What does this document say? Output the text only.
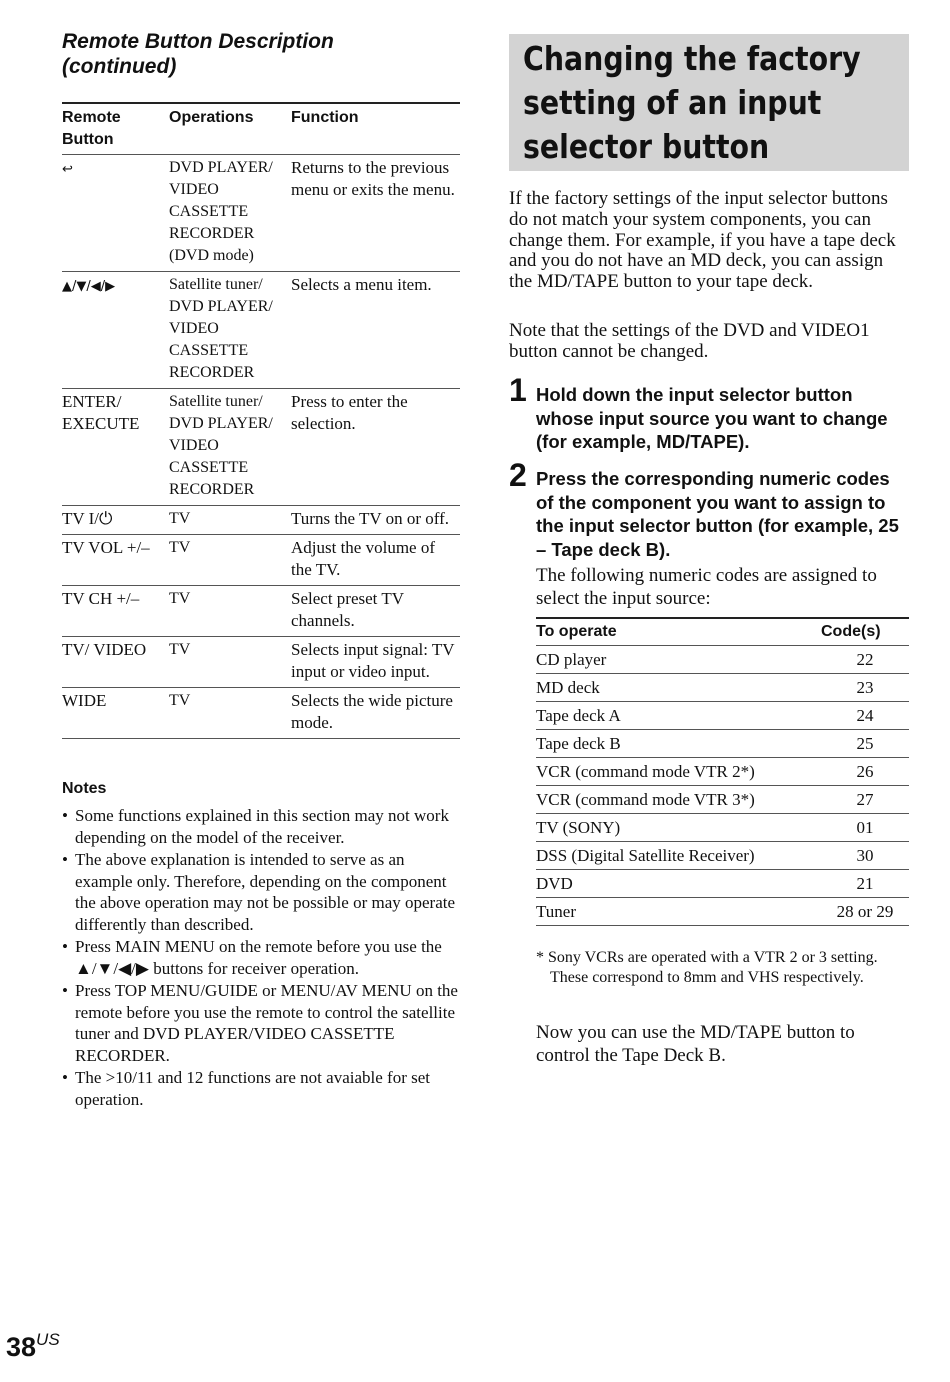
Remote Button Description
(continued)
Remote Button	Operations	Function
↩	DVD PLAYER/ VIDEO CASSETTE RECORDER (DVD mode)	Returns to the previous menu or exits the menu.
▲/▼/◀/▶	Satellite tuner/ DVD PLAYER/ VIDEO CASSETTE RECORDER	Selects a menu item.
ENTER/ EXECUTE	Satellite tuner/ DVD PLAYER/ VIDEO CASSETTE RECORDER	Press to enter the selection.
TV I/⏻	TV	Turns the TV on or off.
TV VOL +/–	TV	Adjust the volume of the TV.
TV CH +/–	TV	Select preset TV channels.
TV/ VIDEO	TV	Selects input signal: TV input or video input.
WIDE	TV	Selects the wide picture mode.
Notes
• Some functions explained in this section may not work depending on the model of the receiver.
• The above explanation is intended to serve as an example only. Therefore, depending on the component the above operation may not be possible or may operate differently than described.
• Press MAIN MENU on the remote before you use the ▲/▼/◀/▶ buttons for receiver operation.
• Press TOP MENU/GUIDE or MENU/AV MENU on the remote before you use the remote to control the satellite tuner and DVD PLAYER/VIDEO CASSETTE RECORDER.
• The >10/11 and 12 functions are not avaiable for set operation.
$38^{US}$
Changing the factory
setting of an input
selector button

If the factory settings of the input selector buttons do not match your system components, you can change them. For example, if you have a tape deck and you do not have an MD deck, you can assign the MD/TAPE button to your tape deck.

Note that the settings of the DVD and VIDEO1 button cannot be changed.

1 Hold down the input selector button whose input source you want to change (for example, MD/TAPE).

2 Press the corresponding numeric codes of the component you want to assign to the input selector button (for example, 25 – Tape deck B).

The following numeric codes are assigned to select the input source:

To operate	Code(s)
CD player	22
MD deck	23
Tape deck A	24
Tape deck B	25
VCR (command mode VTR 2*)	26
VCR (command mode VTR 3*)	27
TV (SONY)	01
DSS (Digital Satellite Receiver)	30
DVD	21
Tuner	28 or 29

* Sony VCRs are operated with a VTR 2 or 3 setting. These correspond to 8mm and VHS respectively.

Now you can use the MD/TAPE button to control the Tape Deck B.
